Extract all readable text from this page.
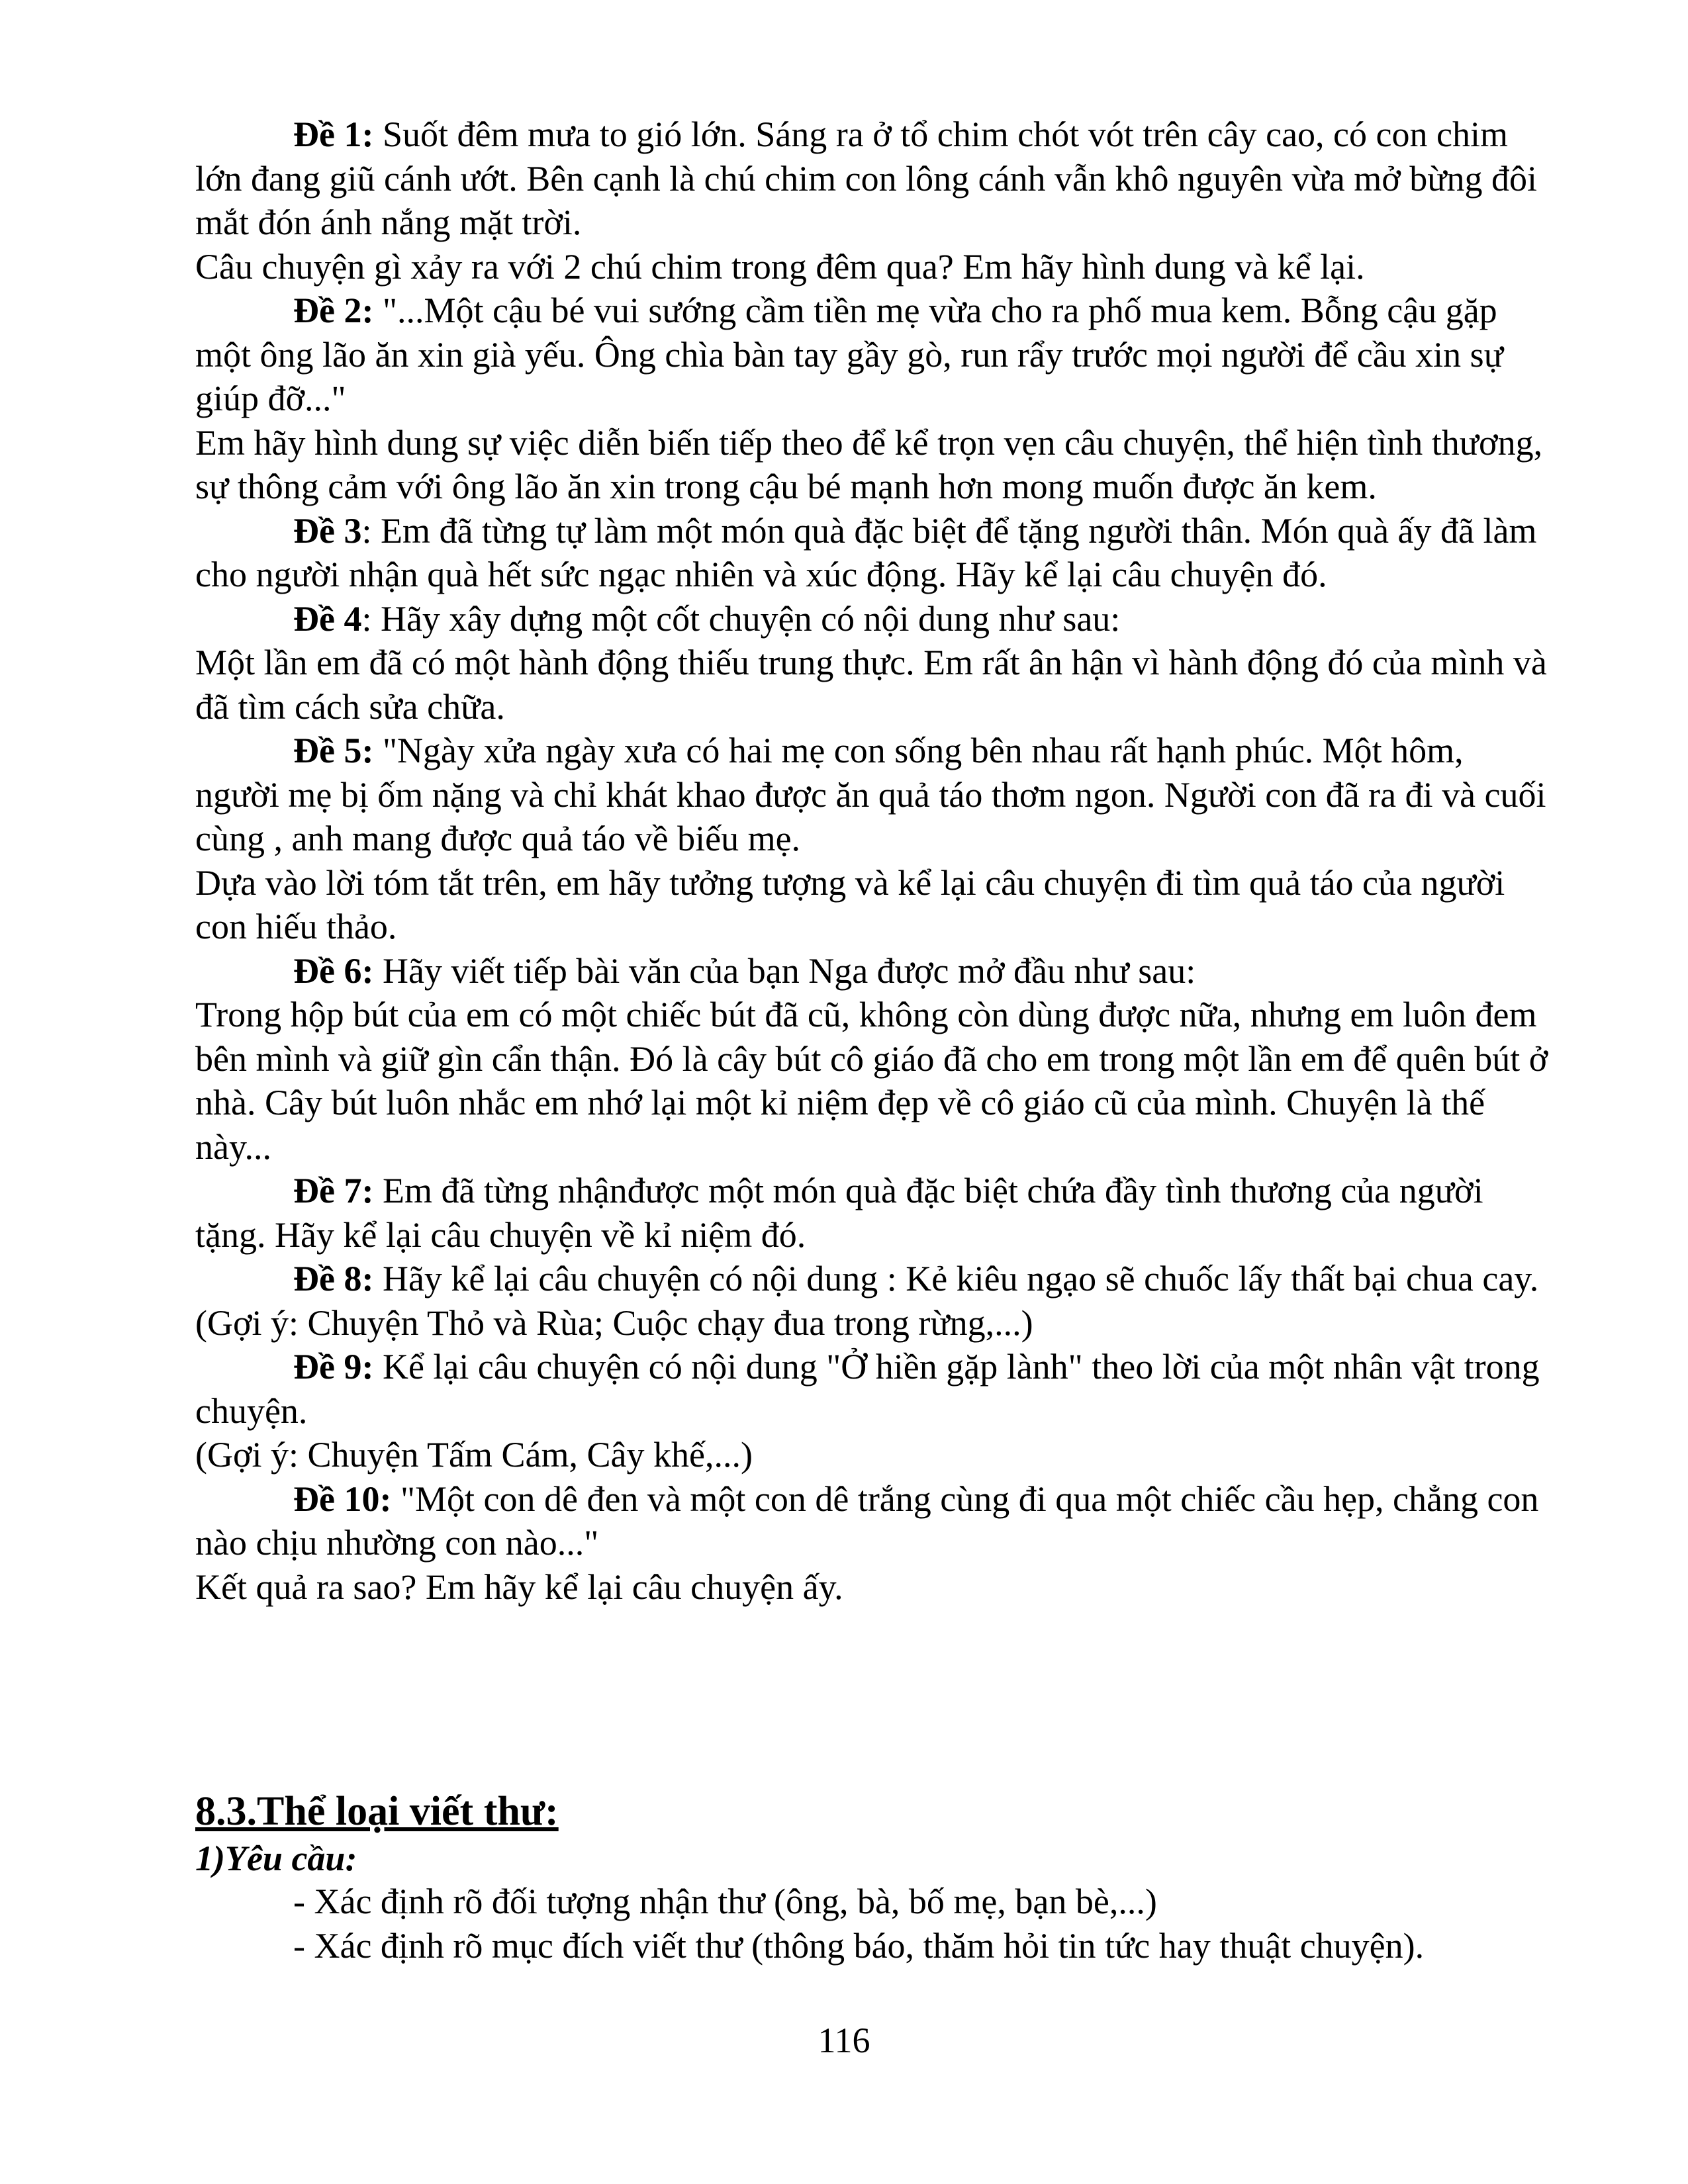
Đề 1: Suốt đêm mưa to gió lớn. Sáng ra ở tổ chim chót vót trên cây cao, có con chim lớn đang giũ cánh ướt. Bên cạnh là chú chim con lông cánh vẫn khô nguyên vừa mở bừng đôi mắt đón ánh nắng mặt trời.

Câu chuyện gì xảy ra với 2 chú chim trong đêm qua? Em hãy hình dung và kể lại.

Đề 2: "...Một cậu bé vui sướng cầm tiền mẹ vừa cho ra phố mua kem. Bỗng cậu gặp một ông lão ăn xin già yếu. Ông chìa bàn tay gầy gò, run rẩy trước mọi người để cầu xin sự giúp đỡ..."

Em hãy hình dung sự việc diễn biến tiếp theo để kể trọn vẹn câu chuyện, thể hiện tình thương, sự thông cảm với ông lão ăn xin trong cậu bé mạnh hơn mong muốn được ăn kem.

Đề 3: Em đã từng tự làm một món quà đặc biệt để tặng người thân. Món quà ấy đã làm cho người nhận quà hết sức ngạc nhiên và xúc động. Hãy kể lại câu chuyện đó.

Đề 4: Hãy xây dựng một cốt chuyện có nội dung như sau:

Một lần em đã có một hành động thiếu trung thực. Em rất ân hận vì hành động đó của mình và đã tìm cách sửa chữa.

Đề 5: "Ngày xửa ngày xưa có hai mẹ con sống bên nhau rất hạnh phúc. Một hôm, người mẹ bị ốm nặng và chỉ khát khao được ăn quả táo thơm ngon. Người con đã ra đi và cuối cùng , anh mang được quả táo về biếu mẹ.

Dựa vào lời tóm tắt trên, em hãy tưởng tượng và kể lại câu chuyện đi tìm quả táo của người con hiếu thảo.

Đề 6: Hãy viết tiếp bài văn của bạn Nga được mở đầu như sau:

Trong hộp bút của em có một chiếc bút đã cũ, không còn dùng được nữa, nhưng em luôn đem bên mình và giữ gìn cẩn thận. Đó là cây bút cô giáo đã cho em trong một lần em để quên bút ở nhà. Cây bút luôn nhắc em nhớ lại một kỉ niệm đẹp về cô giáo cũ của mình. Chuyện là thế này...

Đề 7: Em đã từng nhậnđược một món quà đặc biệt chứa đầy tình thương của người tặng. Hãy kể lại câu chuyện về kỉ niệm đó.

Đề 8: Hãy kể lại câu chuyện có nội dung : Kẻ kiêu ngạo sẽ chuốc lấy thất bại chua cay.

(Gợi ý: Chuyện Thỏ và Rùa; Cuộc chạy đua trong rừng,...)

Đề 9: Kể lại câu chuyện có nội dung "Ở hiền gặp lành" theo lời của một nhân vật trong chuyện.

(Gợi ý: Chuyện Tấm Cám, Cây khế,...)

Đề 10: "Một con dê đen và một con dê trắng cùng đi qua một chiếc cầu hẹp, chẳng con nào chịu nhường con nào..."

Kết quả ra sao? Em hãy kể lại câu chuyện ấy.

8.3.Thể loại viết thư:
1)Yêu cầu:
- Xác định rõ đối tượng nhận thư (ông, bà, bố mẹ, bạn bè,...)
- Xác định rõ mục đích viết thư (thông báo, thăm hỏi tin tức hay thuật chuyện).
116
